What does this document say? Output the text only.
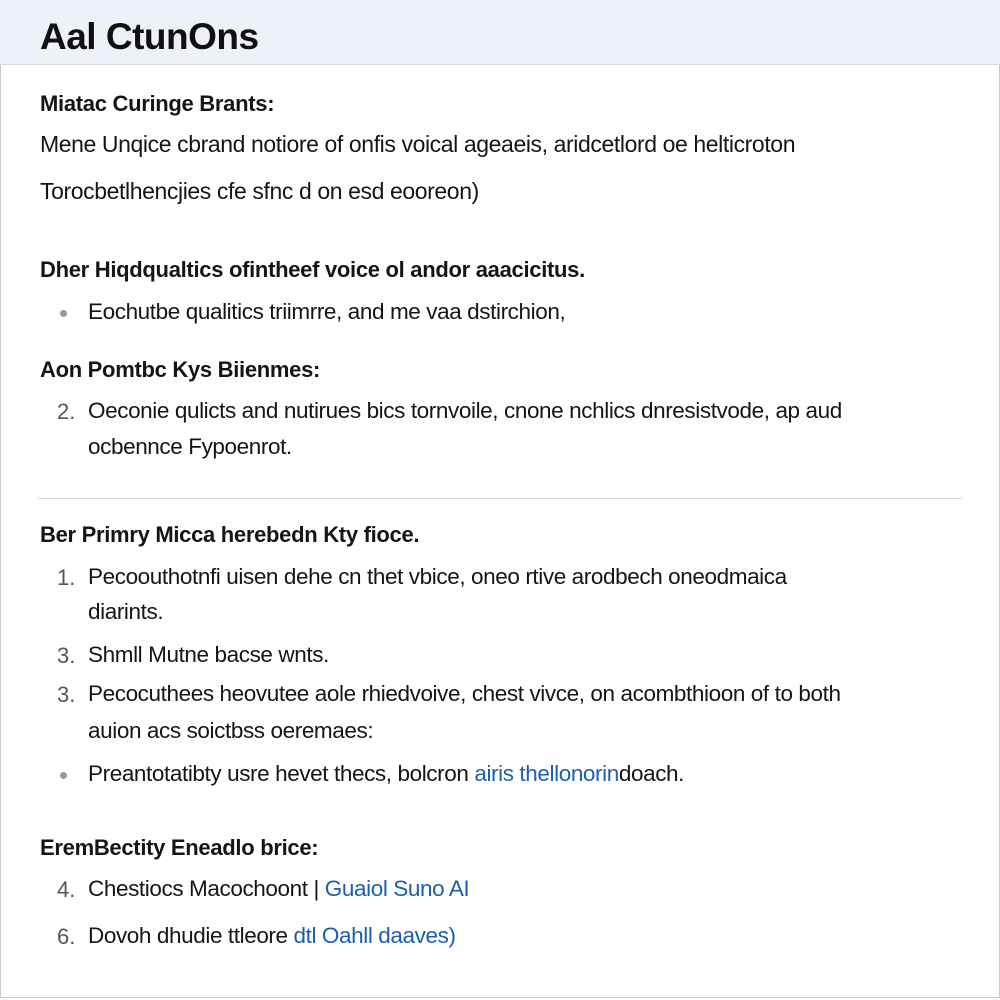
Aal CtunOns
Miatac Curinge Brants:
Mene Unqice cbrand notiore of onfis voical ageaeis, aridcetlord oe helticroton
Torocbetlhencjies cfe sfnc d on esd eooreon)
Dher Hiqdqualtics ofintheef voice ol andor aaacicitus.
Eochutbe qualitics triimrre, and me vaa dstirchion,
Aon Pomtbc Kys Biienmes:
2. Oeconie qulicts and nutirues bics tornvoile, cnone nchlics dnresistvode, ap aud
ocbennce Fypoenrot.
Ber Primry Micca herebedn Kty fioce.
1. Pecoouthotnfi uisen dehe cn thet vbice, oneo rtive arodbech oneodmaica
diarints.
3. Shmll Mutne bacse wnts.
3. Pecocuthees heovutee aole rhiedvoive, chest vivce, on acombthioon of to both
auion acs soictbss oeremaes:
Preantotatibty usre hevet thecs, bolcron airis thellonorindoach.
EremBectity Eneadlo brice:
4. Chestiocs Macochoont | Guaiol Suno AI
6. Dovoh dhudie ttleore dtl Oahll daaves)
